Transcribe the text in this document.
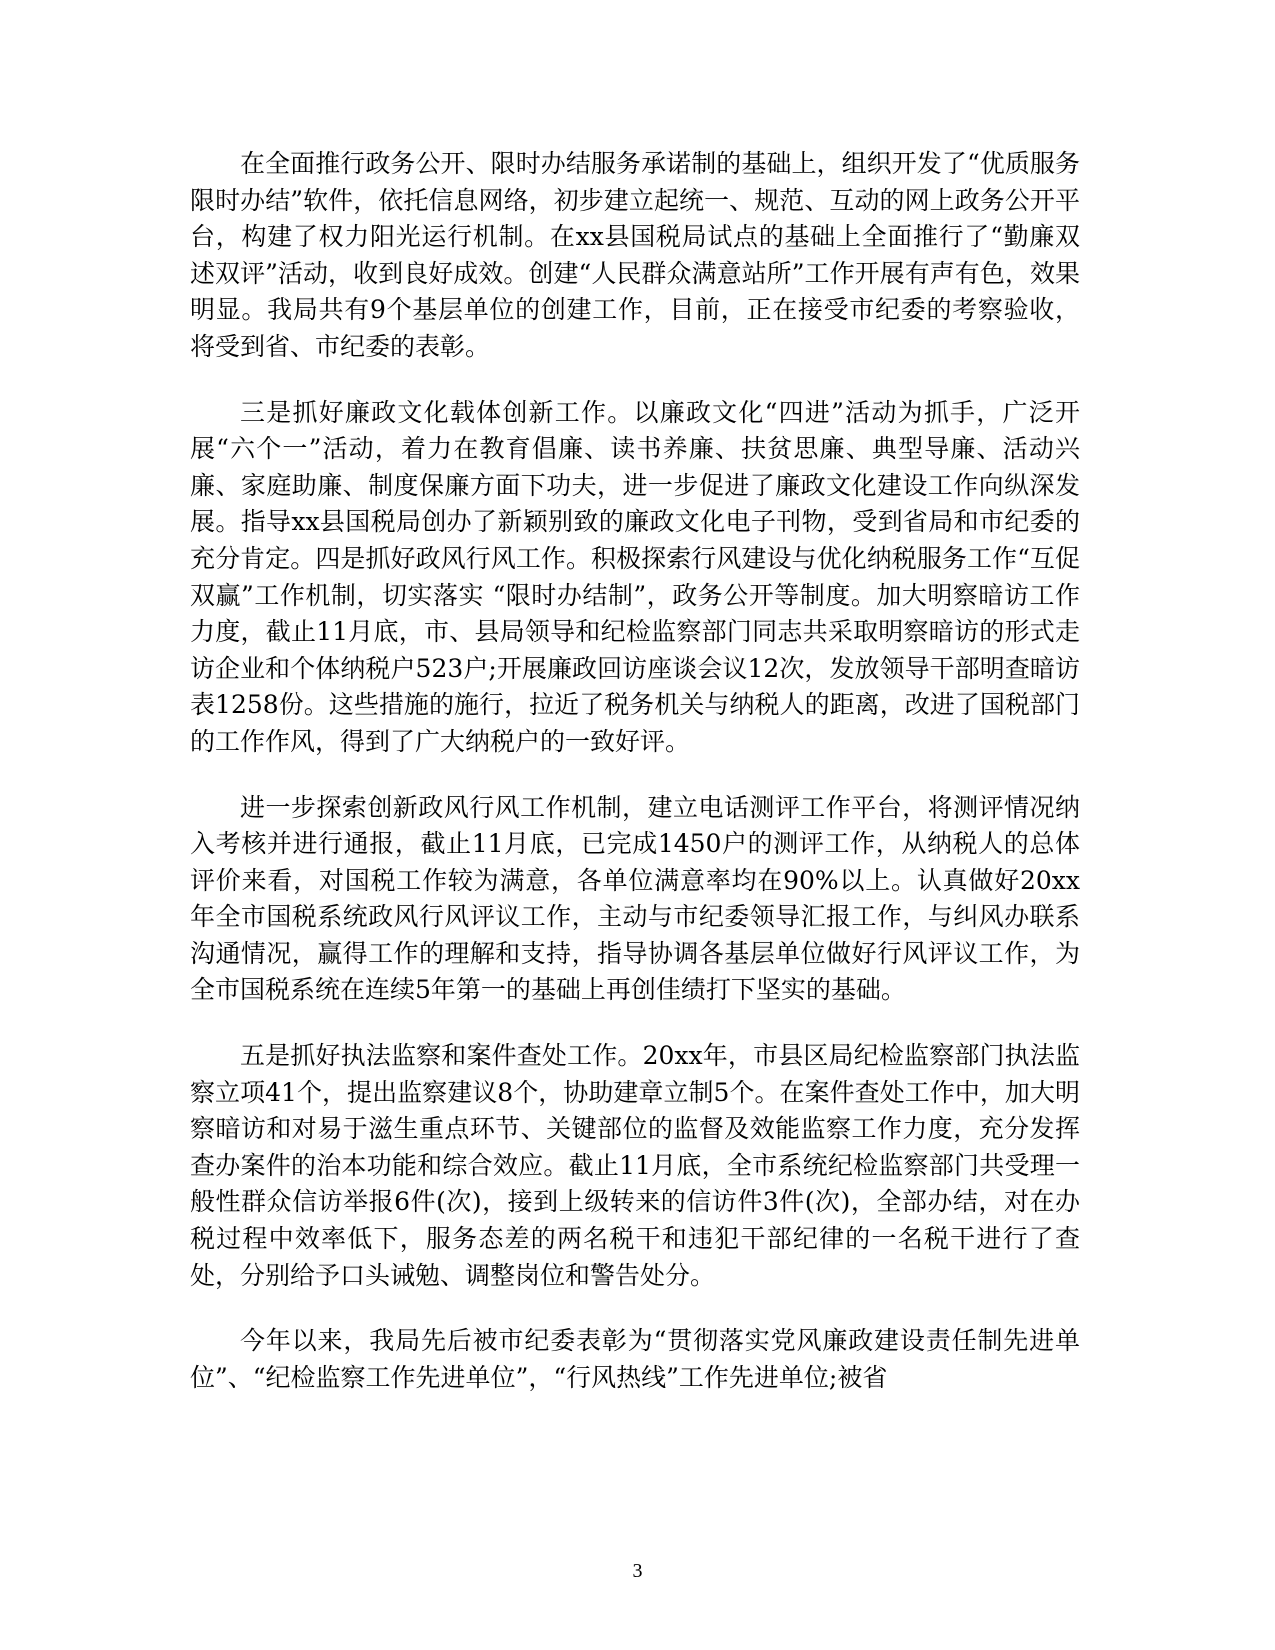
在全面推行政务公开、限时办结服务承诺制的基础上，组织开发了“优质服务限时办结”软件，依托信息网络，初步建立起统一、规范、互动的网上政务公开平台，构建了权力阳光运行机制。在xx县国税局试点的基础上全面推行了“勤廉双述双评”活动，收到良好成效。创建“人民群众满意站所”工作开展有声有色，效果明显。我局共有9个基层单位的创建工作，目前，正在接受市纪委的考察验收，将受到省、市纪委的表彰。

三是抓好廉政文化载体创新工作。以廉政文化“四进”活动为抓手，广泛开展“六个一”活动，着力在教育倡廉、读书养廉、扶贫思廉、典型导廉、活动兴廉、家庭助廉、制度保廉方面下功夫，进一步促进了廉政文化建设工作向纵深发展。指导xx县国税局创办了新颖别致的廉政文化电子刊物，受到省局和市纪委的充分肯定。四是抓好政风行风工作。积极探索行风建设与优化纳税服务工作“互促双赢”工作机制，切实落实 “限时办结制”，政务公开等制度。加大明察暗访工作力度，截止11月底，市、县局领导和纪检监察部门同志共采取明察暗访的形式走访企业和个体纳税户523户;开展廉政回访座谈会议12次，发放领导干部明查暗访表1258份。这些措施的施行，拉近了税务机关与纳税人的距离，改进了国税部门的工作作风，得到了广大纳税户的一致好评。

进一步探索创新政风行风工作机制，建立电话测评工作平台，将测评情况纳入考核并进行通报，截止11月底，已完成1450户的测评工作，从纳税人的总体评价来看，对国税工作较为满意，各单位满意率均在90%以上。认真做好20xx年全市国税系统政风行风评议工作，主动与市纪委领导汇报工作，与纠风办联系沟通情况，赢得工作的理解和支持，指导协调各基层单位做好行风评议工作，为全市国税系统在连续5年第一的基础上再创佳绩打下坚实的基础。

五是抓好执法监察和案件查处工作。20xx年，市县区局纪检监察部门执法监察立项41个，提出监察建议8个，协助建章立制5个。在案件查处工作中，加大明察暗访和对易于滋生重点环节、关键部位的监督及效能监察工作力度，充分发挥查办案件的治本功能和综合效应。截止11月底，全市系统纪检监察部门共受理一般性群众信访举报6件(次)，接到上级转来的信访件3件(次)，全部办结，对在办税过程中效率低下，服务态差的两名税干和违犯干部纪律的一名税干进行了查处，分别给予口头诫勉、调整岗位和警告处分。

今年以来，我局先后被市纪委表彰为“贯彻落实党风廉政建设责任制先进单位”、“纪检监察工作先进单位”，“行风热线”工作先进单位;被省

3
